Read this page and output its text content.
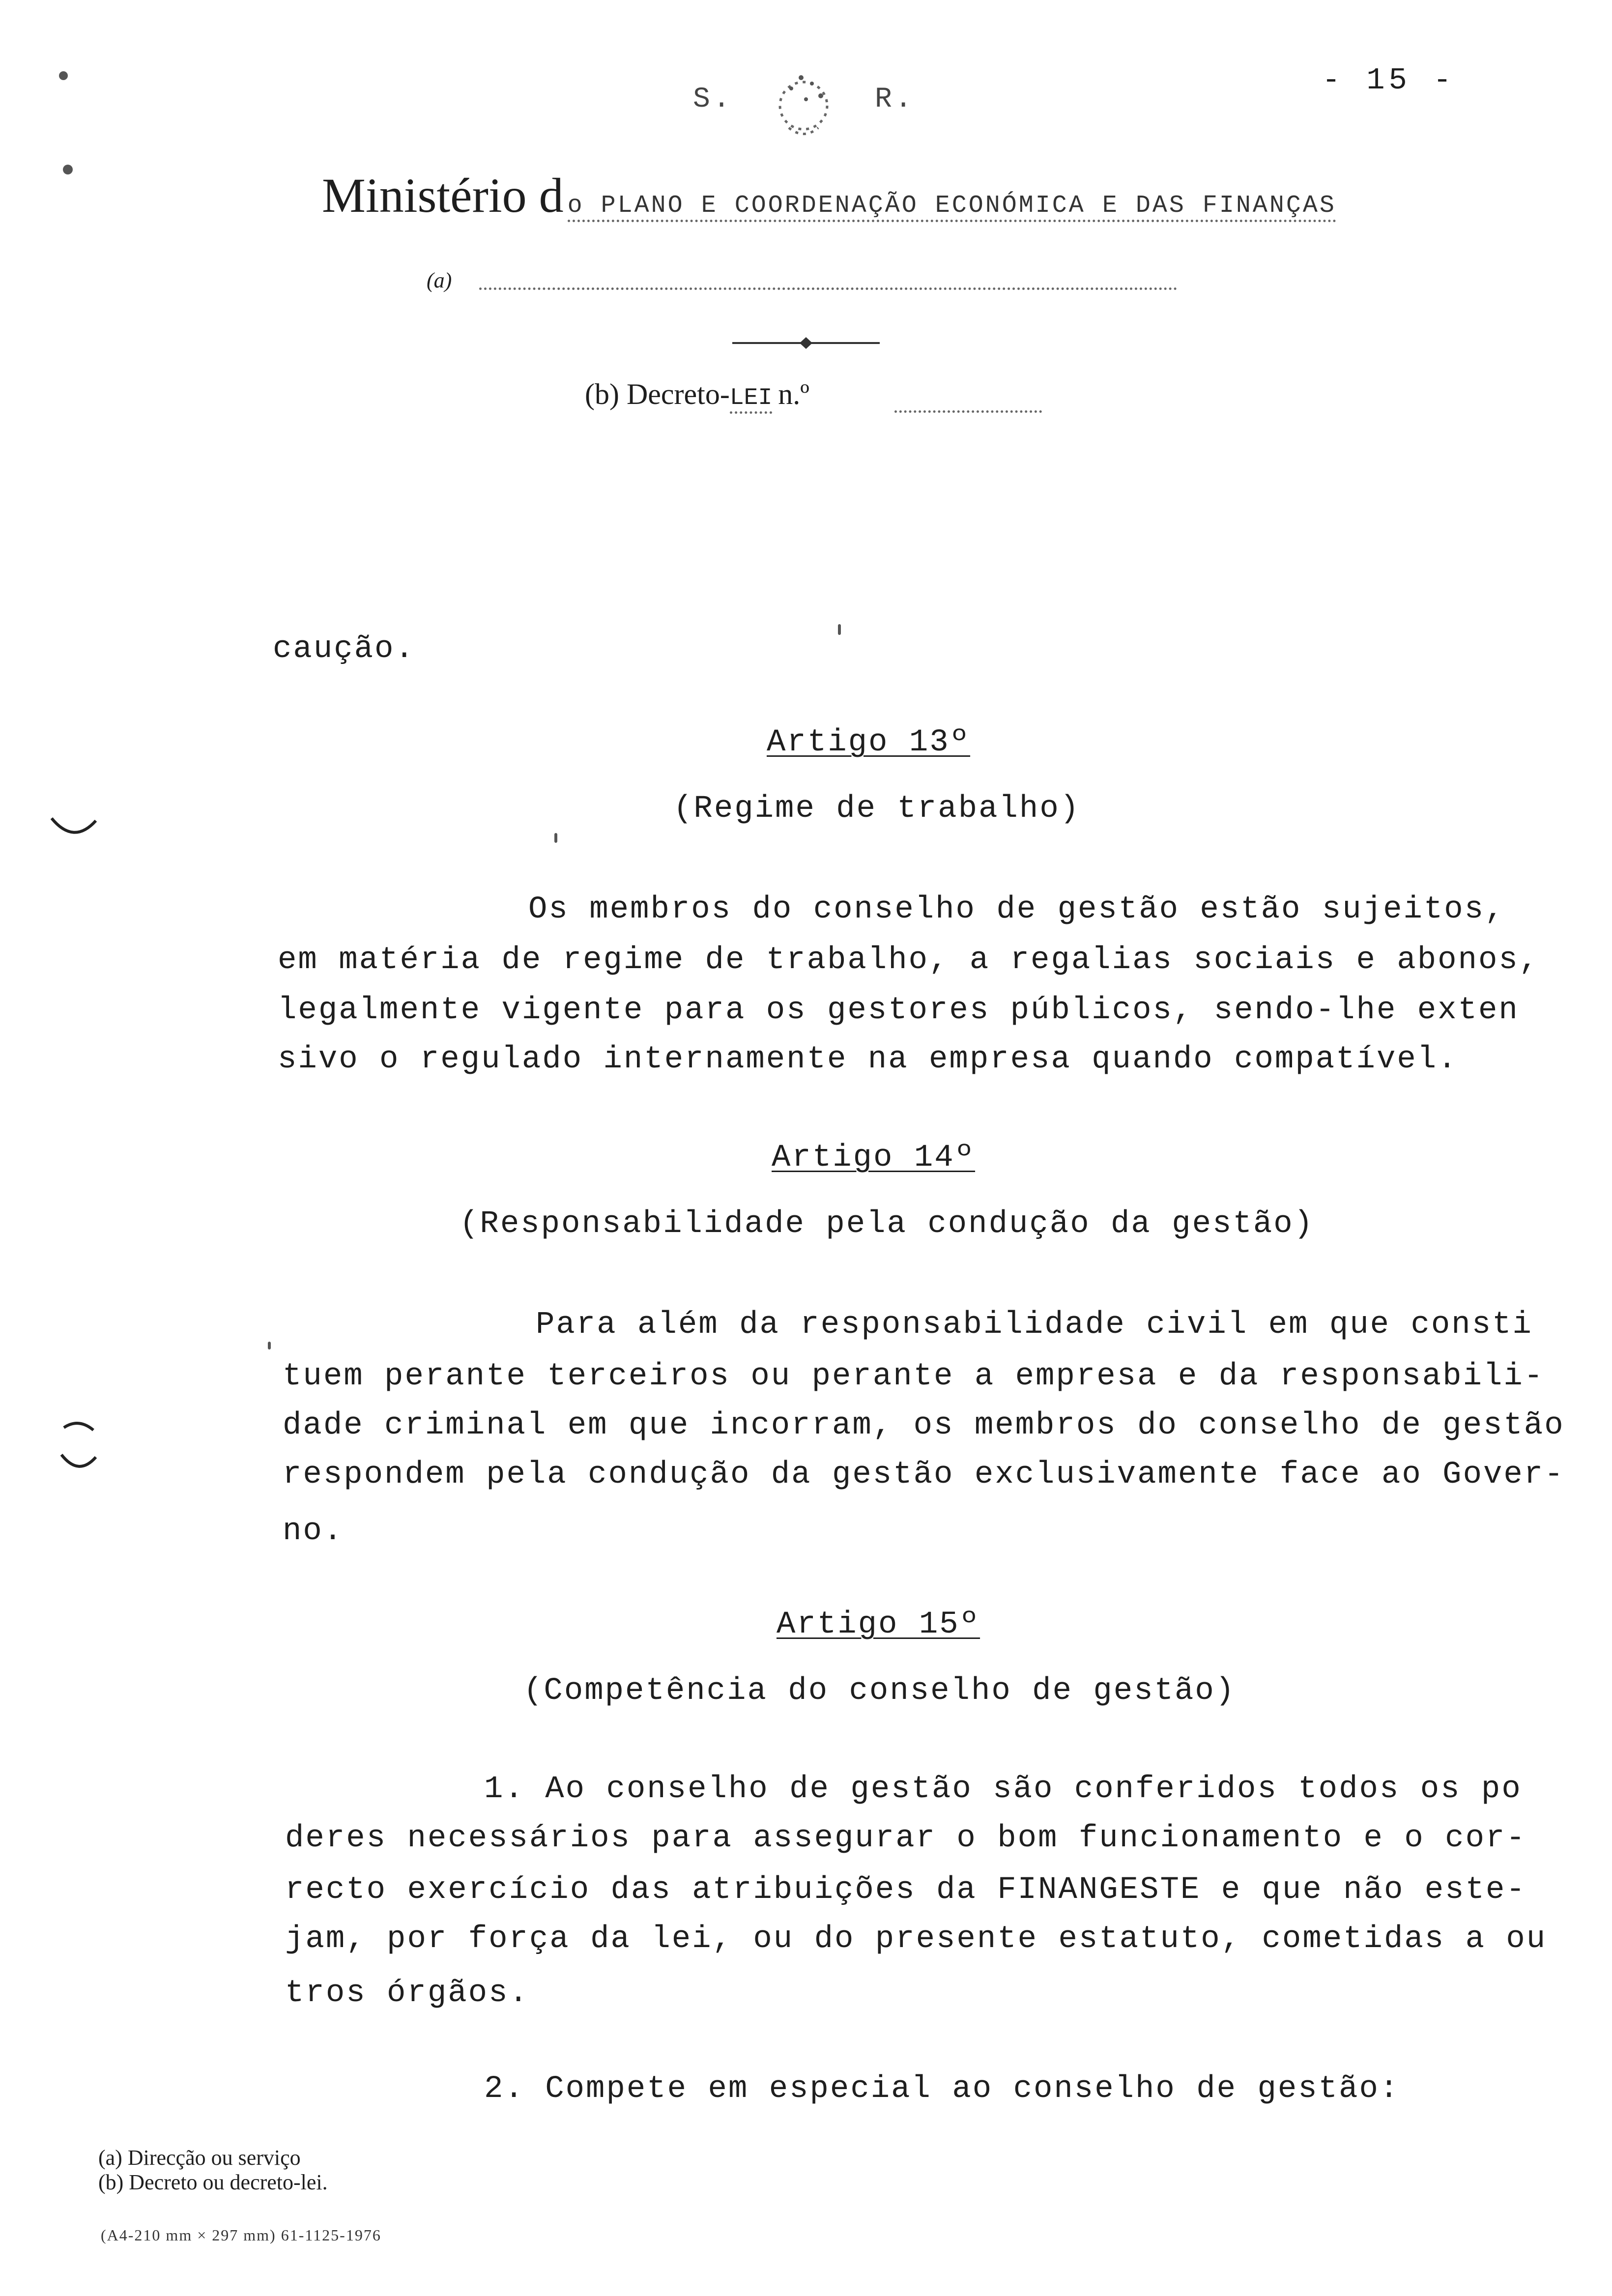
- 15 -
S.	R.
Ministério d o PLANO E COORDENAÇÃO ECONÓMICA E DAS FINANÇAS
(a)
(b) Decreto-LEI n.º
caução.
Artigo 13º
(Regime de trabalho)
Os membros do conselho de gestão estão sujeitos,
em matéria de regime de trabalho, a regalias sociais e abonos,
legalmente vigente para os gestores públicos, sendo-lhe exten
sivo o regulado internamente na empresa quando compatível.
Artigo 14º
(Responsabilidade pela condução da gestão)
Para além da responsabilidade civil em que consti
tuem perante terceiros ou perante a empresa e da responsabili-
dade criminal em que incorram, os membros do conselho de gestão
respondem pela condução da gestão exclusivamente face ao Gover-
no.
Artigo 15º
(Competência do conselho de gestão)
1. Ao conselho de gestão são conferidos todos os po
deres necessários para assegurar o bom funcionamento e o cor-
recto exercício das atribuições da FINANGESTE e que não este-
jam, por força da lei, ou do presente estatuto, cometidas a ou
tros órgãos.
2. Compete em especial ao conselho de gestão:
(a) Direcção ou serviço
(b) Decreto ou decreto-lei.
(A4-210 mm × 297 mm) 61-1125-1976
